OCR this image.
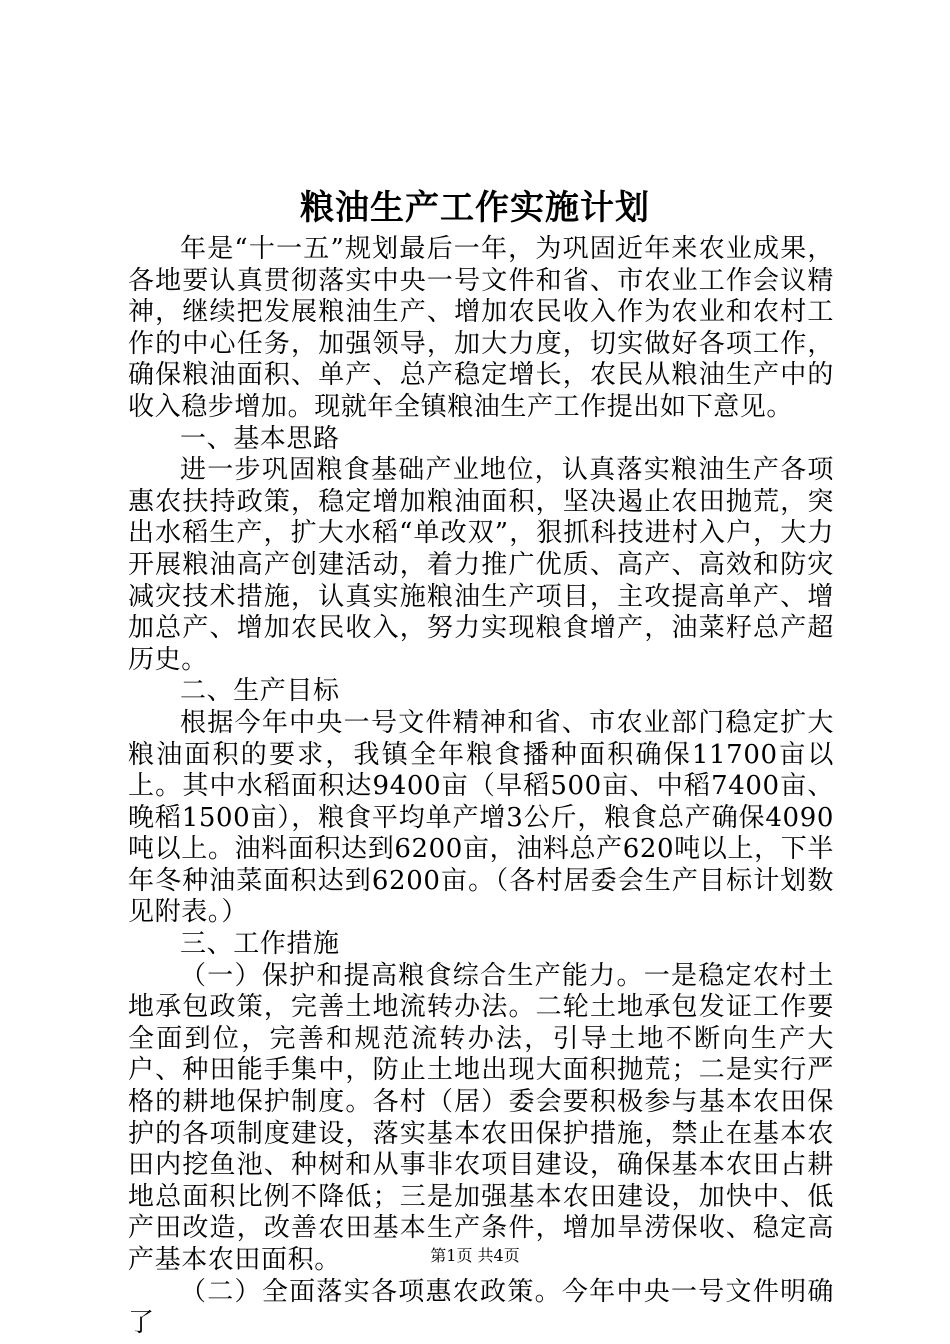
粮油生产工作实施计划

年是“十一五”规划最后一年，为巩固近年来农业成果，各地要认真贯彻落实中央一号文件和省、市农业工作会议精神，继续把发展粮油生产、增加农民收入作为农业和农村工作的中心任务，加强领导，加大力度，切实做好各项工作，确保粮油面积、单产、总产稳定增长，农民从粮油生产中的收入稳步增加。现就年全镇粮油生产工作提出如下意见。

一、基本思路

进一步巩固粮食基础产业地位，认真落实粮油生产各项惠农扶持政策，稳定增加粮油面积，坚决遏止农田抛荒，突出水稻生产，扩大水稻“单改双”，狠抓科技进村入户，大力开展粮油高产创建活动，着力推广优质、高产、高效和防灾减灾技术措施，认真实施粮油生产项目，主攻提高单产、增加总产、增加农民收入，努力实现粮食增产，油菜籽总产超历史。

二、生产目标

根据今年中央一号文件精神和省、市农业部门稳定扩大粮油面积的要求，我镇全年粮食播种面积确保11700亩以上。其中水稻面积达9400亩（早稻500亩、中稻7400亩、晚稻1500亩），粮食平均单产增3公斤，粮食总产确保4090吨以上。油料面积达到6200亩，油料总产620吨以上，下半年冬种油菜面积达到6200亩。（各村居委会生产目标计划数见附表。）

三、工作措施

（一）保护和提高粮食综合生产能力。一是稳定农村土地承包政策，完善土地流转办法。二轮土地承包发证工作要全面到位，完善和规范流转办法，引导土地不断向生产大户、种田能手集中，防止土地出现大面积抛荒；二是实行严格的耕地保护制度。各村（居）委会要积极参与基本农田保护的各项制度建设，落实基本农田保护措施，禁止在基本农田内挖鱼池、种树和从事非农项目建设，确保基本农田占耕地总面积比例不降低；三是加强基本农田建设，加快中、低产田改造，改善农田基本生产条件，增加旱涝保收、稳定高产基本农田面积。

（二）全面落实各项惠农政策。今年中央一号文件明确了

第1页 共4页
